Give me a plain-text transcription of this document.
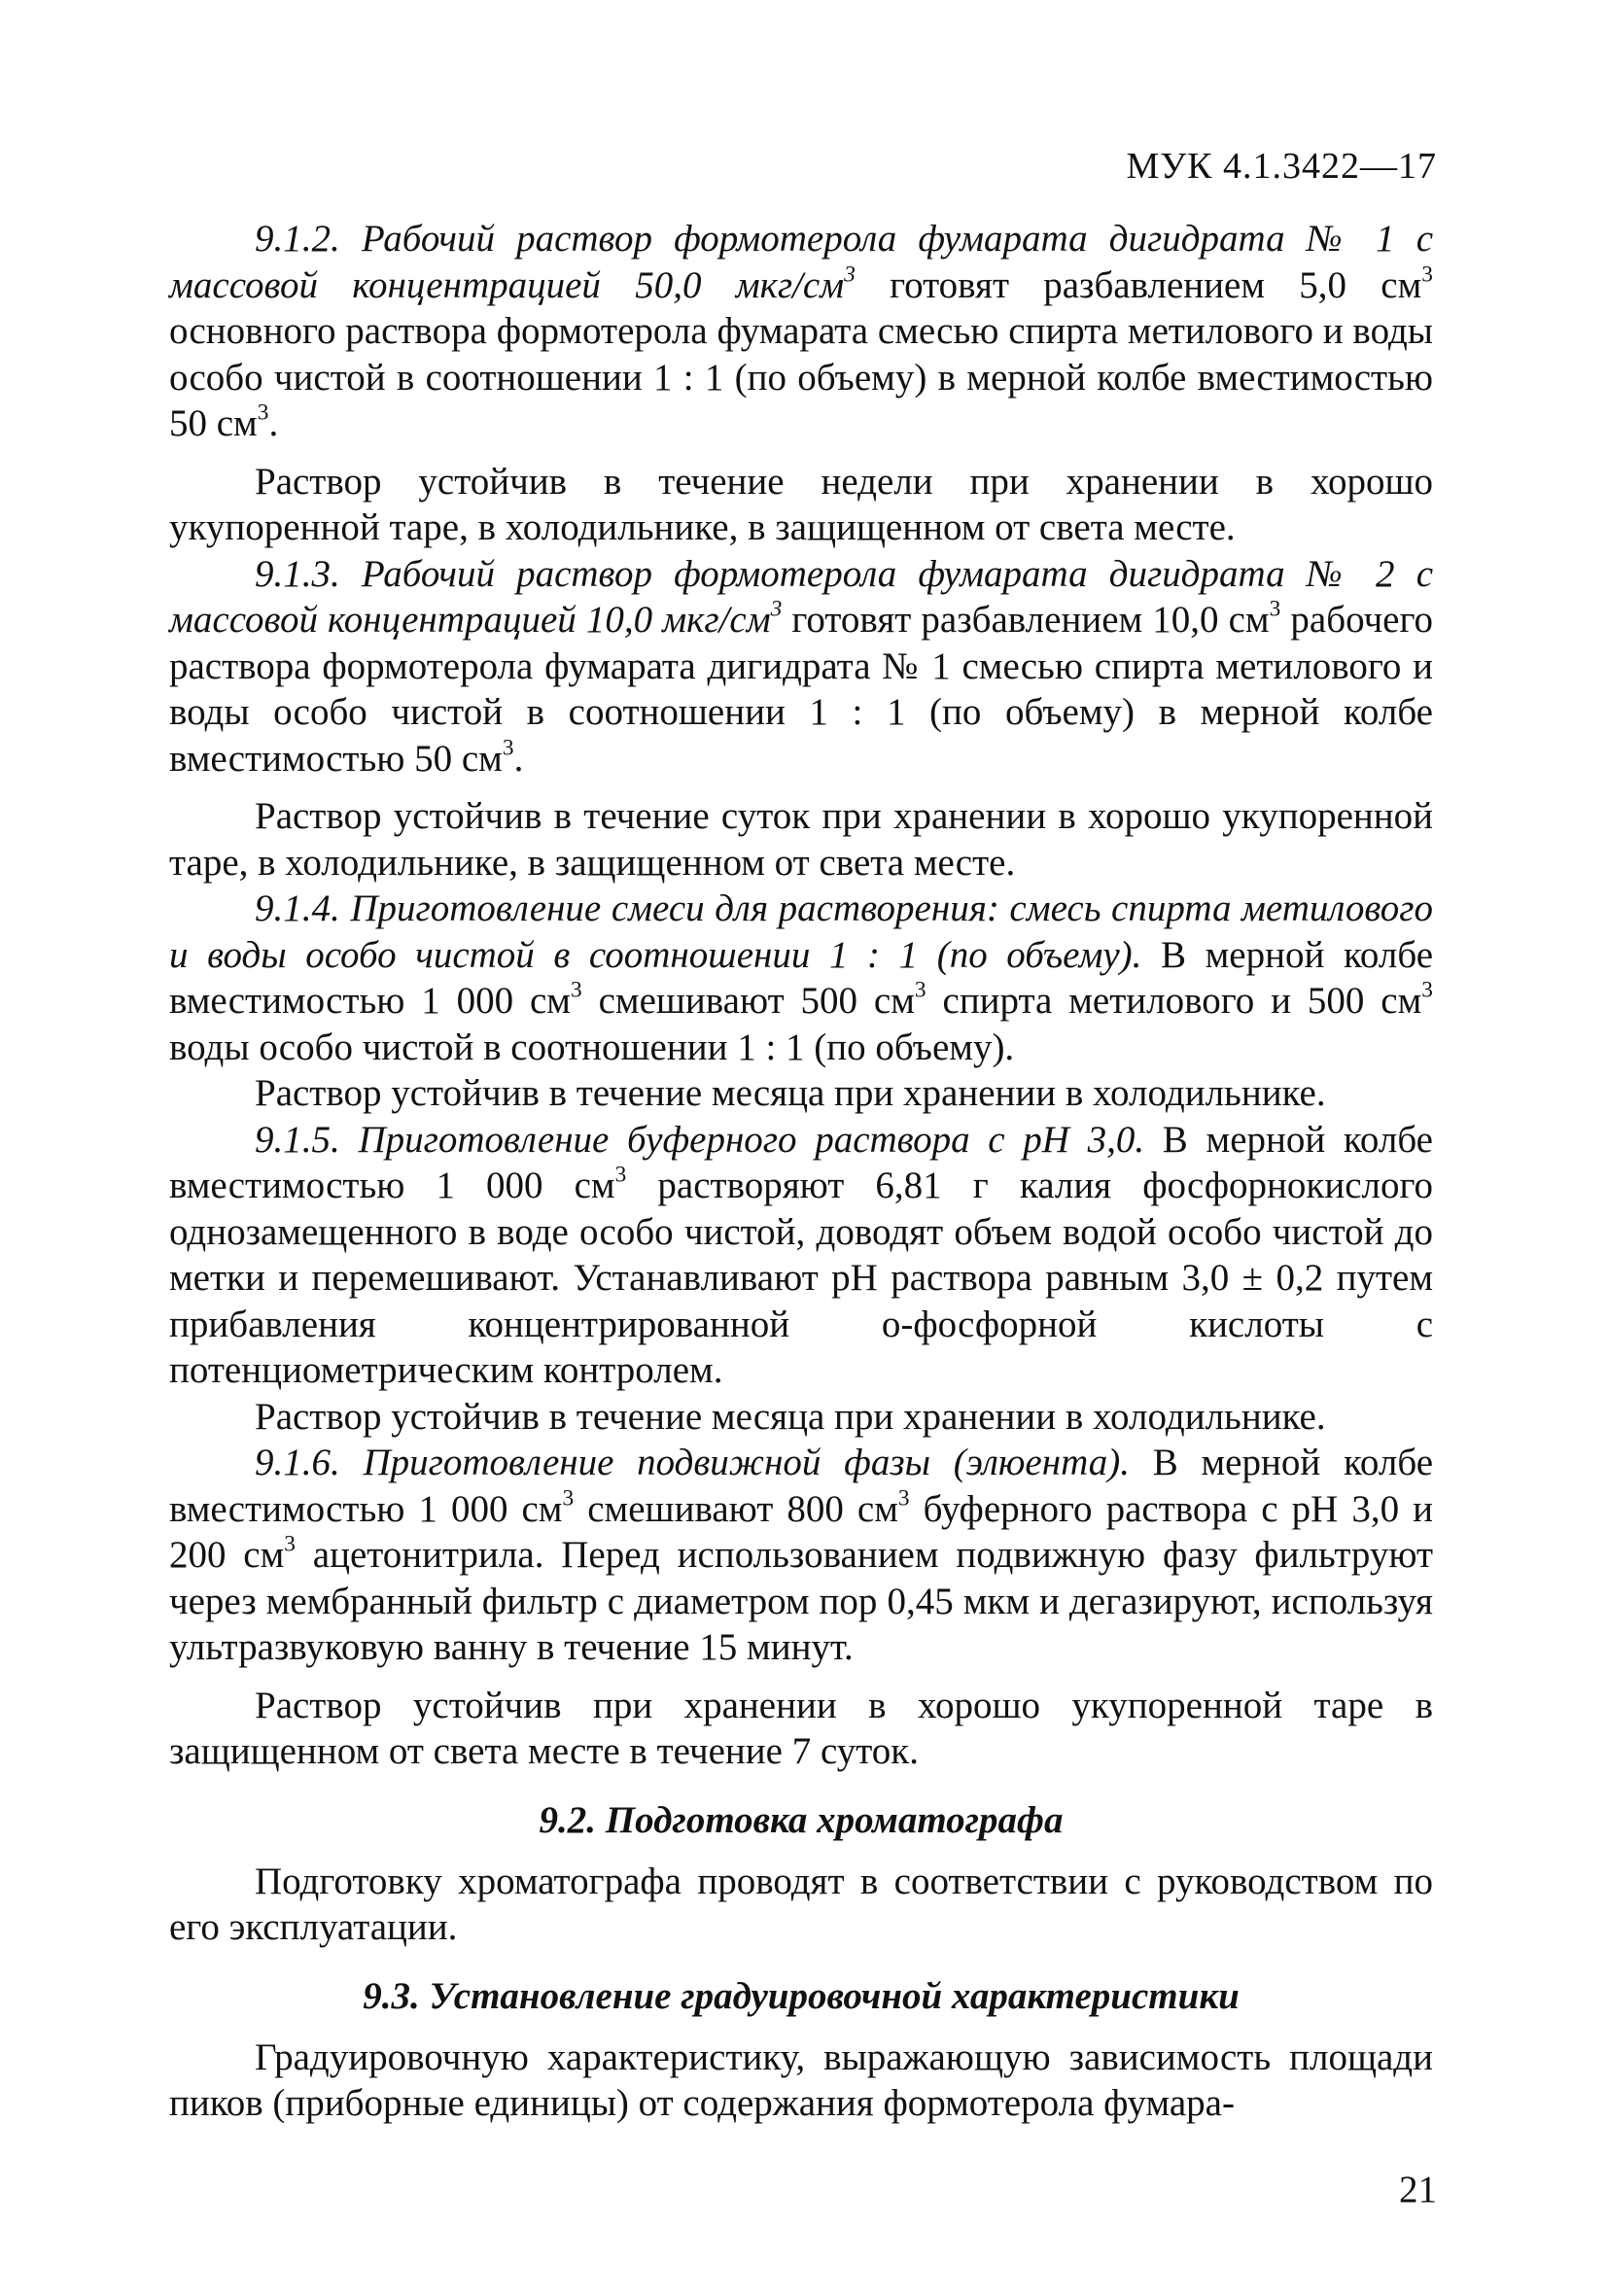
МУК 4.1.3422—17

9.1.2. Рабочий раствор формотерола фумарата дигидрата № 1 с массовой концентрацией 50,0 мкг/$см^3$ готовят разбавлением 5,0 $см^3$ основного раствора формотерола фумарата смесью спирта метилового и воды особо чистой в соотношении 1 : 1 (по объему) в мерной колбе вместимостью 50 $см^3$.

Раствор устойчив в течение недели при хранении в хорошо укупоренной таре, в холодильнике, в защищенном от света месте.

9.1.3. Рабочий раствор формотерола фумарата дигидрата № 2 с массовой концентрацией 10,0 мкг/$см^3$ готовят разбавлением 10,0 $см^3$ рабочего раствора формотерола фумарата дигидрата № 1 смесью спирта метилового и воды особо чистой в соотношении 1 : 1 (по объему) в мерной колбе вместимостью 50 $см^3$.

Раствор устойчив в течение суток при хранении в хорошо укупоренной таре, в холодильнике, в защищенном от света месте.

9.1.4. Приготовление смеси для растворения: смесь спирта метилового и воды особо чистой в соотношении 1 : 1 (по объему). В мерной колбе вместимостью 1 000 $см^3$ смешивают 500 $см^3$ спирта метилового и 500 $см^3$ воды особо чистой в соотношении 1 : 1 (по объему).

Раствор устойчив в течение месяца при хранении в холодильнике.

9.1.5. Приготовление буферного раствора с рН 3,0. В мерной колбе вместимостью 1 000 $см^3$ растворяют 6,81 г калия фосфорнокислого однозамещенного в воде особо чистой, доводят объем водой особо чистой до метки и перемешивают. Устанавливают рН раствора равным 3,0 ± 0,2 путем прибавления концентрированной о-фосфорной кислоты с потенциометрическим контролем.

Раствор устойчив в течение месяца при хранении в холодильнике.

9.1.6. Приготовление подвижной фазы (элюента). В мерной колбе вместимостью 1 000 $см^3$ смешивают 800 $см^3$ буферного раствора с рН 3,0 и 200 $см^3$ ацетонитрила. Перед использованием подвижную фазу фильтруют через мембранный фильтр с диаметром пор 0,45 мкм и дегазируют, используя ультразвуковую ванну в течение 15 минут.

Раствор устойчив при хранении в хорошо укупоренной таре в защищенном от света месте в течение 7 суток.

9.2. Подготовка хроматографа

Подготовку хроматографа проводят в соответствии с руководством по его эксплуатации.

9.3. Установление градуировочной характеристики

Градуировочную характеристику, выражающую зависимость площади пиков (приборные единицы) от содержания формотерола фумара-

21
